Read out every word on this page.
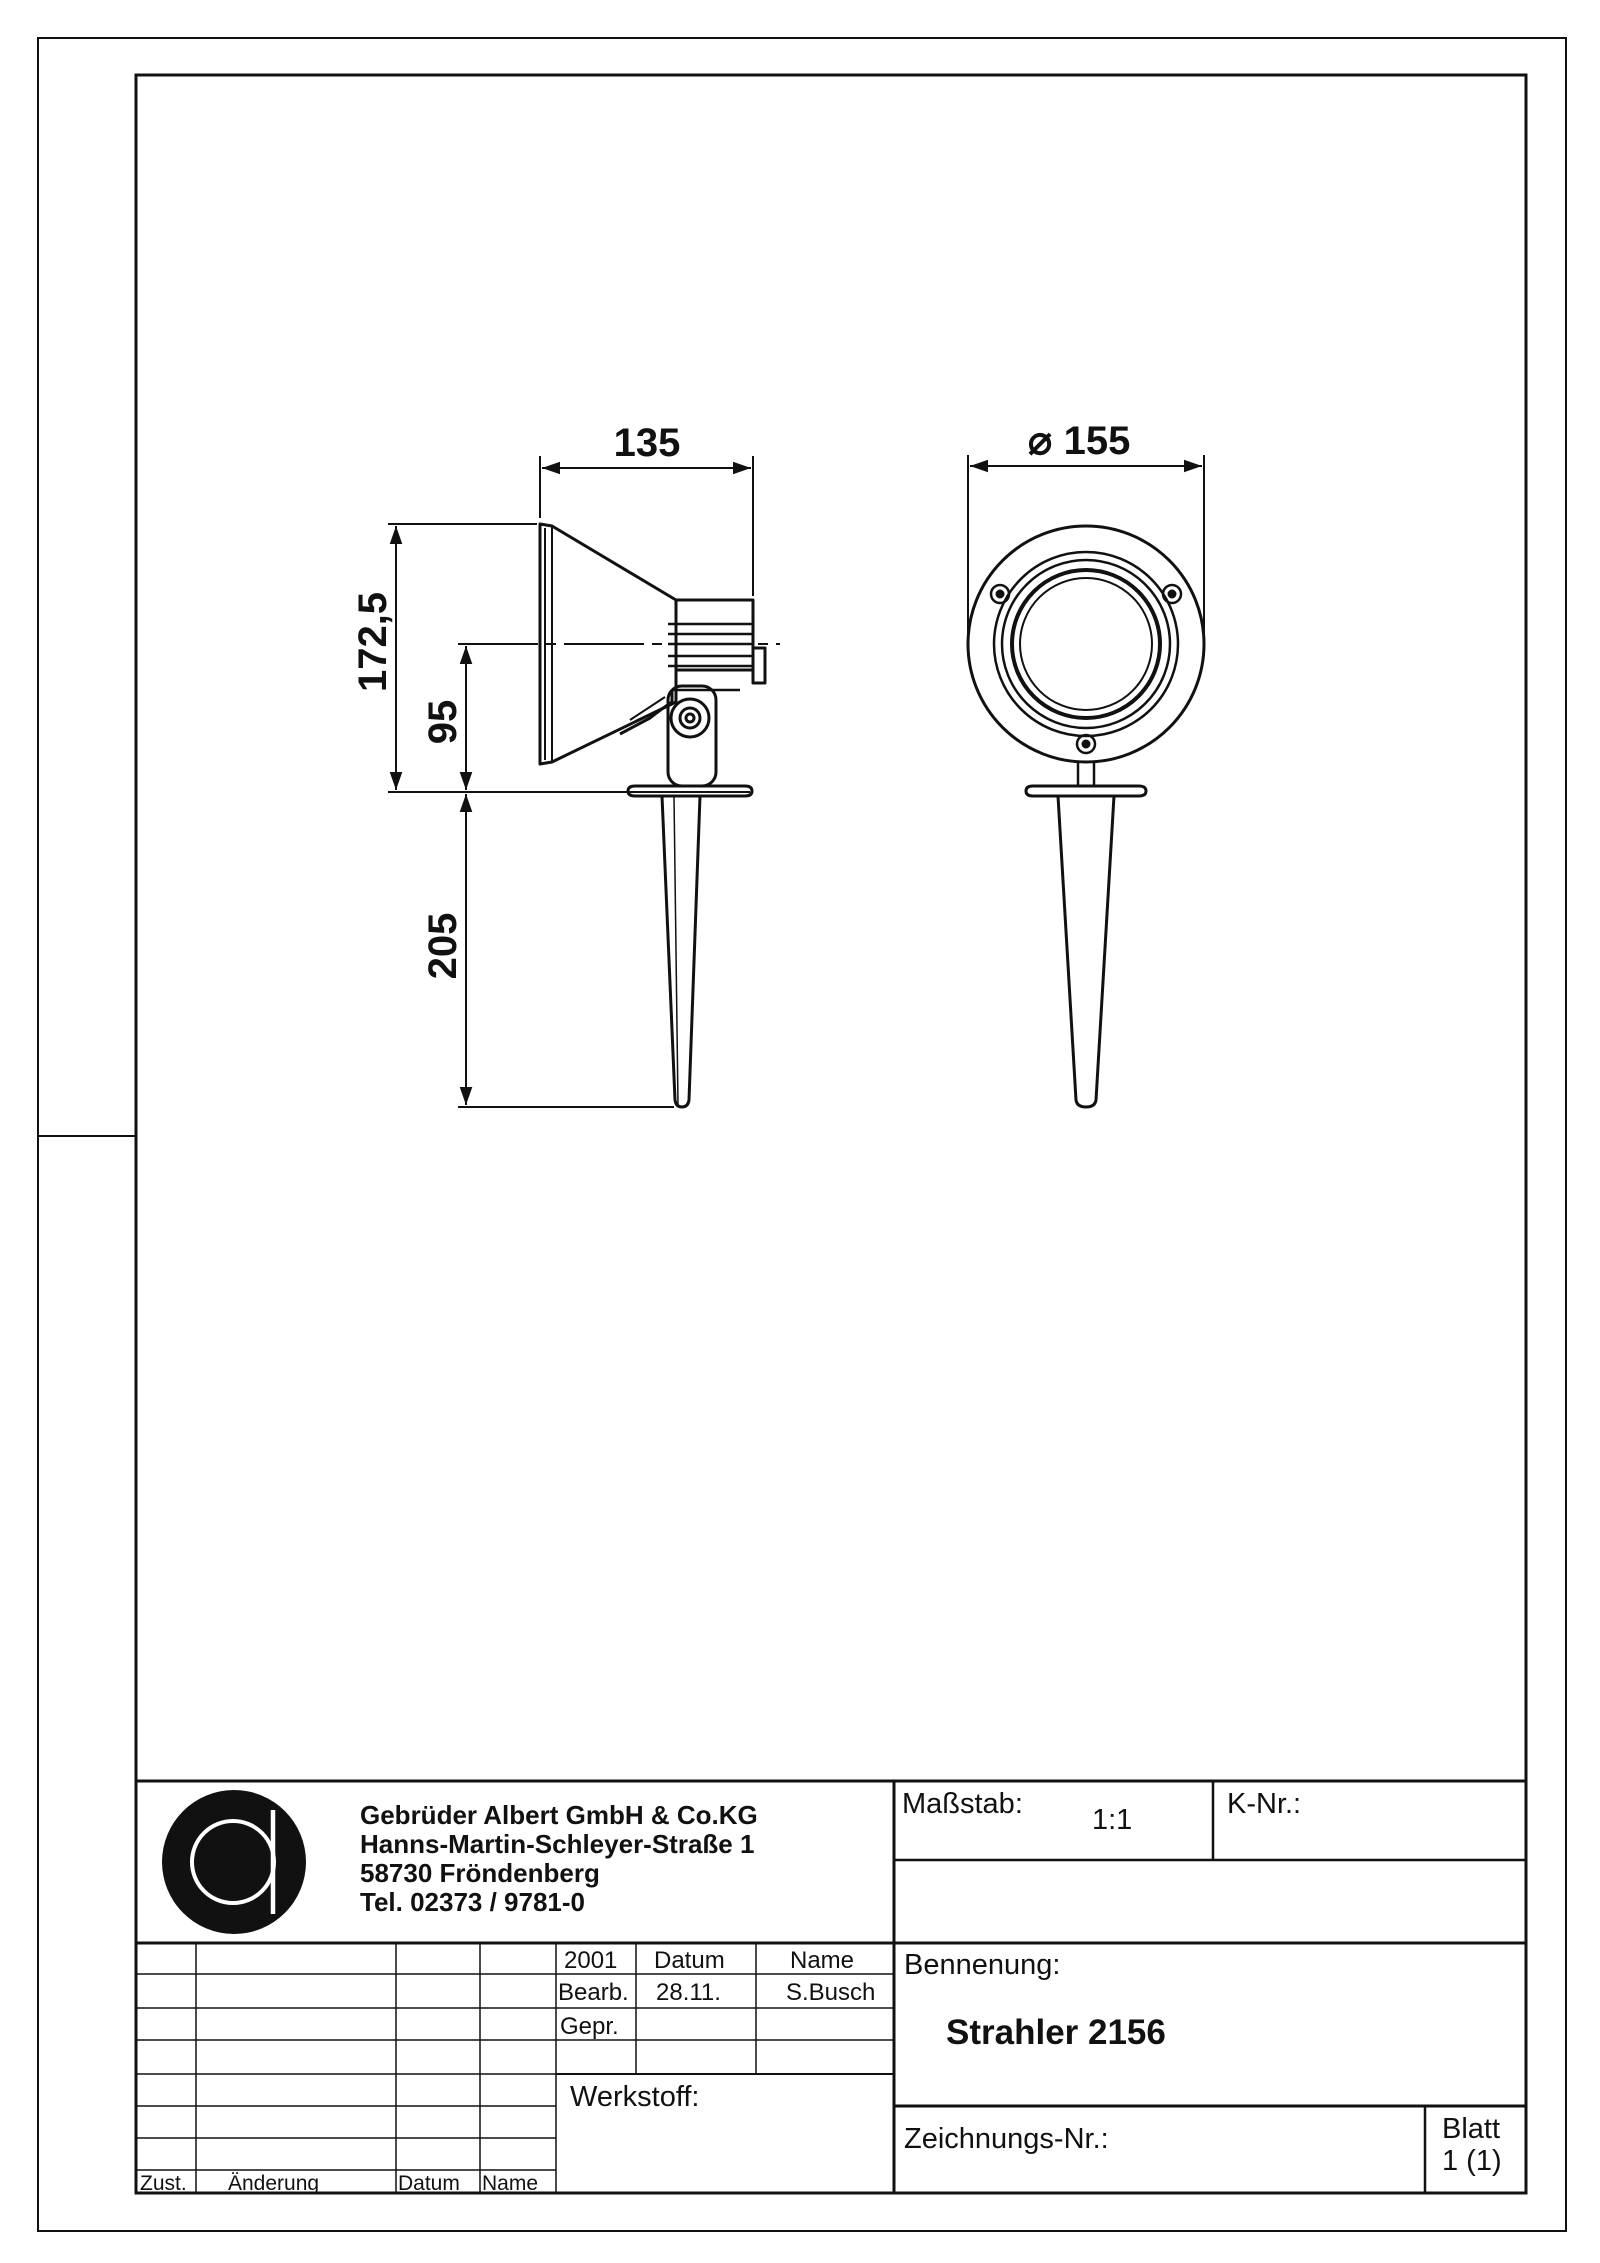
135
172,5
95
205
⌀ 155
Gebrüder Albert GmbH & Co.KG
Hanns-Martin-Schleyer-Straße 1
58730 Fröndenberg
Tel. 02373 / 9781-0
Maßstab: 1:1	K-Nr.:
2001 Datum	Name
Bearb. 28.11.	S.Busch
Gepr.
Werkstoff:
Zust. Änderung	Datum Name
Bennenung:
Strahler 2156
Zeichnungs-Nr.:	Blatt
1 (1)
